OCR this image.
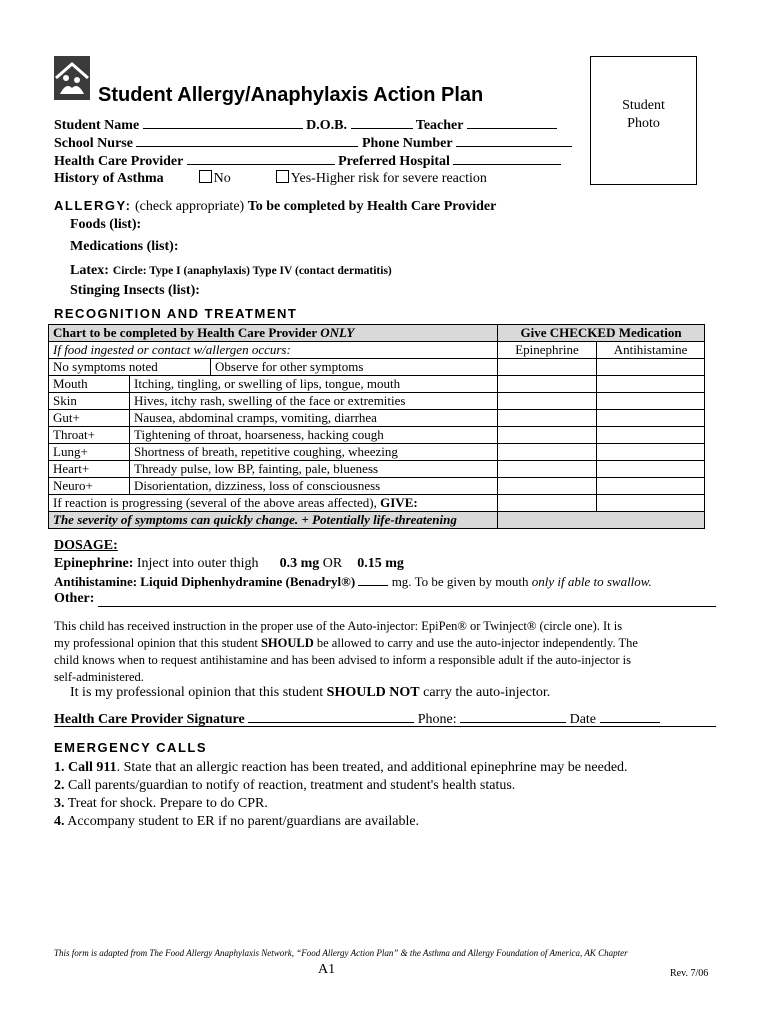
Student Allergy/Anaphylaxis Action Plan	Student
Photo
Student Name	D.O.B.	Teacher
School Nurse	Phone Number
Health Care Provider	Preferred Hospital
History of Asthma	No	Yes-Higher risk for severe reaction
ALLERGY: (check appropriate) To be completed by Health Care Provider
Foods (list):
Medications (list):
Latex: Circle: Type I (anaphylaxis) Type IV (contact dermatitis)
Stinging Insects (list):
RECOGNITION AND TREATMENT
Chart to be completed by Health Care Provider ONLY			Give CHECKED Medication	
If food ingested or contact w/allergen occurs:			Epinephrine	Antihistamine
No symptoms noted		Observe for other symptoms		
Mouth	Itching, tingling, or swelling of lips, tongue, mouth			
Skin	Hives, itchy rash, swelling of the face or extremities			
Gut+	Nausea, abdominal cramps, vomiting, diarrhea			
Throat+	Tightening of throat, hoarseness, hacking cough			
Lung+	Shortness of breath, repetitive coughing, wheezing			
Heart+	Thready pulse, low BP, fainting, pale, blueness			
Neuro+	Disorientation, dizziness, loss of consciousness			
If reaction is progressing (several of the above areas affected), GIVE:				
The severity of symptoms can quickly change. + Potentially life-threatening				
DOSAGE:
Epinephrine: Inject into outer thigh 0.3 mg OR 0.15 mg
Antihistamine: Liquid Diphenhydramine (Benadryl®)	mg. To be given by mouth only if able to swallow.
Other:
This child has received instruction in the proper use of the Auto-injector: EpiPen® or Twinject® (circle one). It is
my professional opinion that this student SHOULD be allowed to carry and use the auto-injector independently. The
child knows when to request antihistamine and has been advised to inform a responsible adult if the auto-injector is
self-administered.
It is my professional opinion that this student SHOULD NOT carry the auto-injector.
Health Care Provider Signature	Phone:	Date
EMERGENCY CALLS
1. Call 911. State that an allergic reaction has been treated, and additional epinephrine may be needed.
2. Call parents/guardian to notify of reaction, treatment and student's health status.
3. Treat for shock. Prepare to do CPR.
4. Accompany student to ER if no parent/guardians are available.
This form is adapted from The Food Allergy Anaphylaxis Network, “Food Allergy Action Plan” & the Asthma and Allergy Foundation of America, AK Chapter
A1	Rev. 7/06
